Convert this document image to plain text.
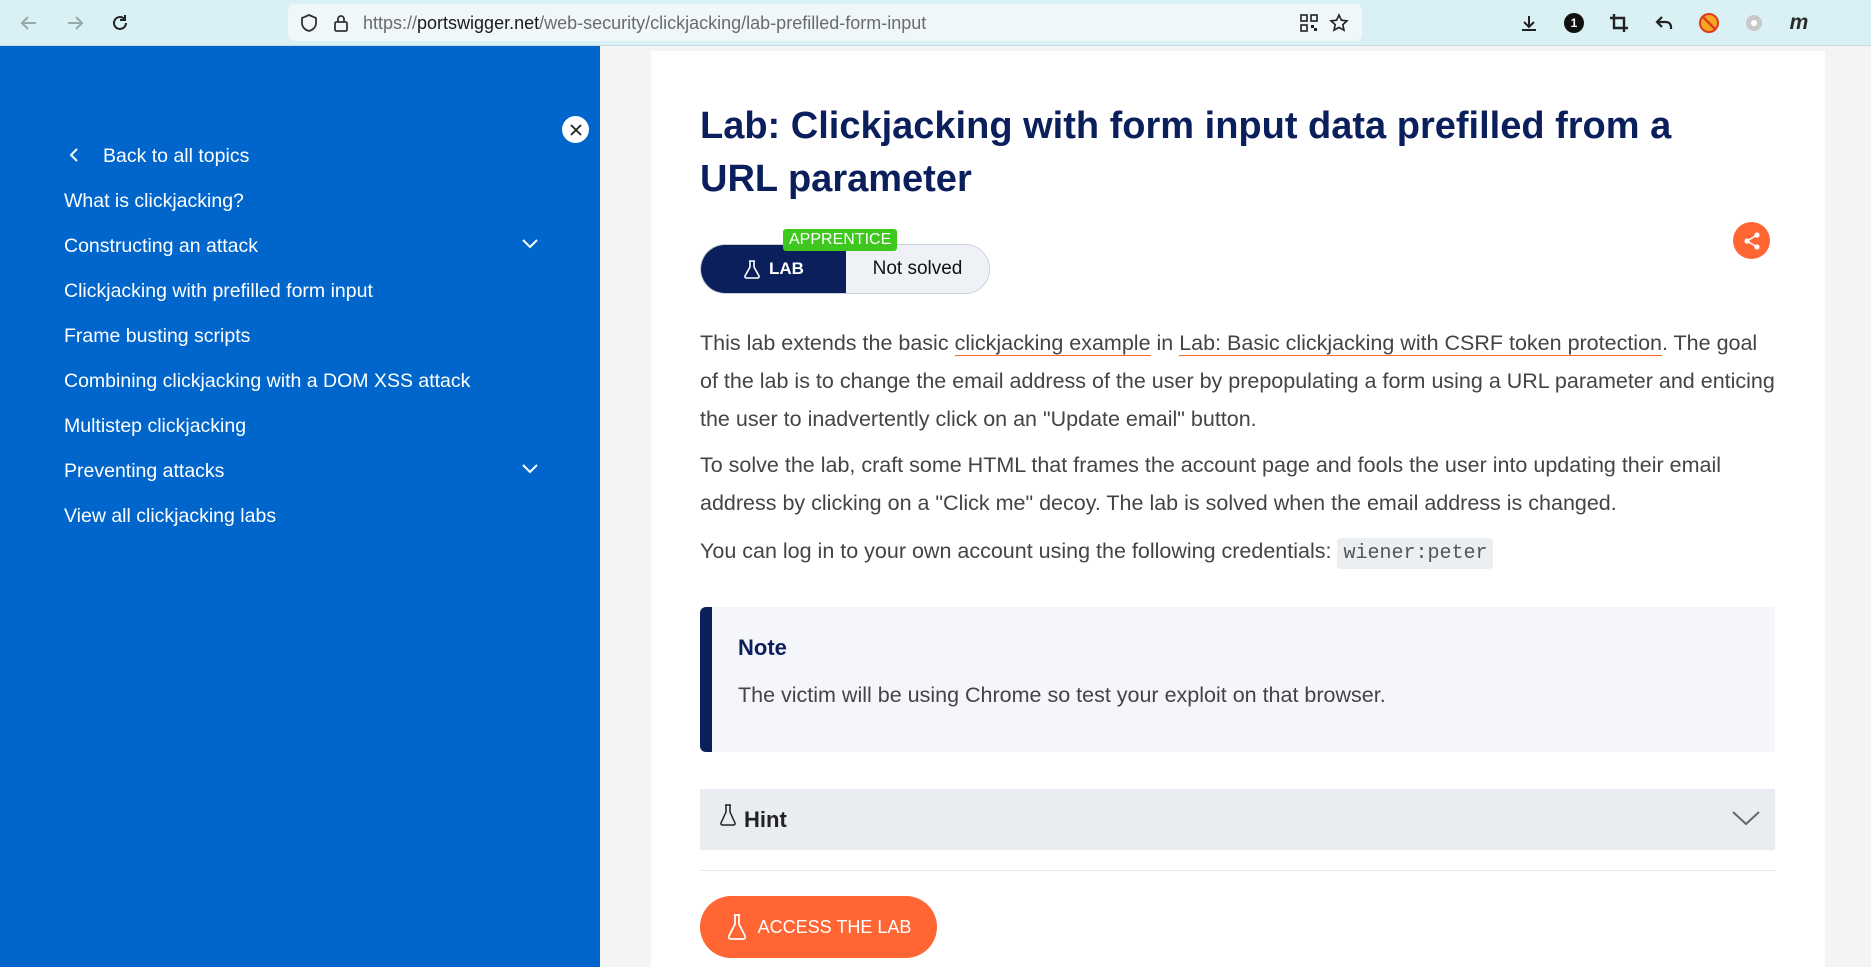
https://portswigger.net/web-security/clickjacking/lab-prefilled-form-input	1	m
Back to all topics
What is clickjacking?
Constructing an attack
Clickjacking with prefilled form input
Frame busting scripts
Combining clickjacking with a DOM XSS attack
Multistep clickjacking
Preventing attacks
View all clickjacking labs
Lab: Clickjacking with form input data prefilled from a URL parameter
APPRENTICE
LAB	Not solved

This lab extends the basic clickjacking example in Lab: Basic clickjacking with CSRF token protection. The goal of the lab is to change the email address of the user by prepopulating a form using a URL parameter and enticing the user to inadvertently click on an "Update email" button.

To solve the lab, craft some HTML that frames the account page and fools the user into updating their email address by clicking on a "Click me" decoy. The lab is solved when the email address is changed.

You can log in to your own account using the following credentials: wiener:peter

Note
The victim will be using Chrome so test your exploit on that browser.
Hint
ACCESS THE LAB
